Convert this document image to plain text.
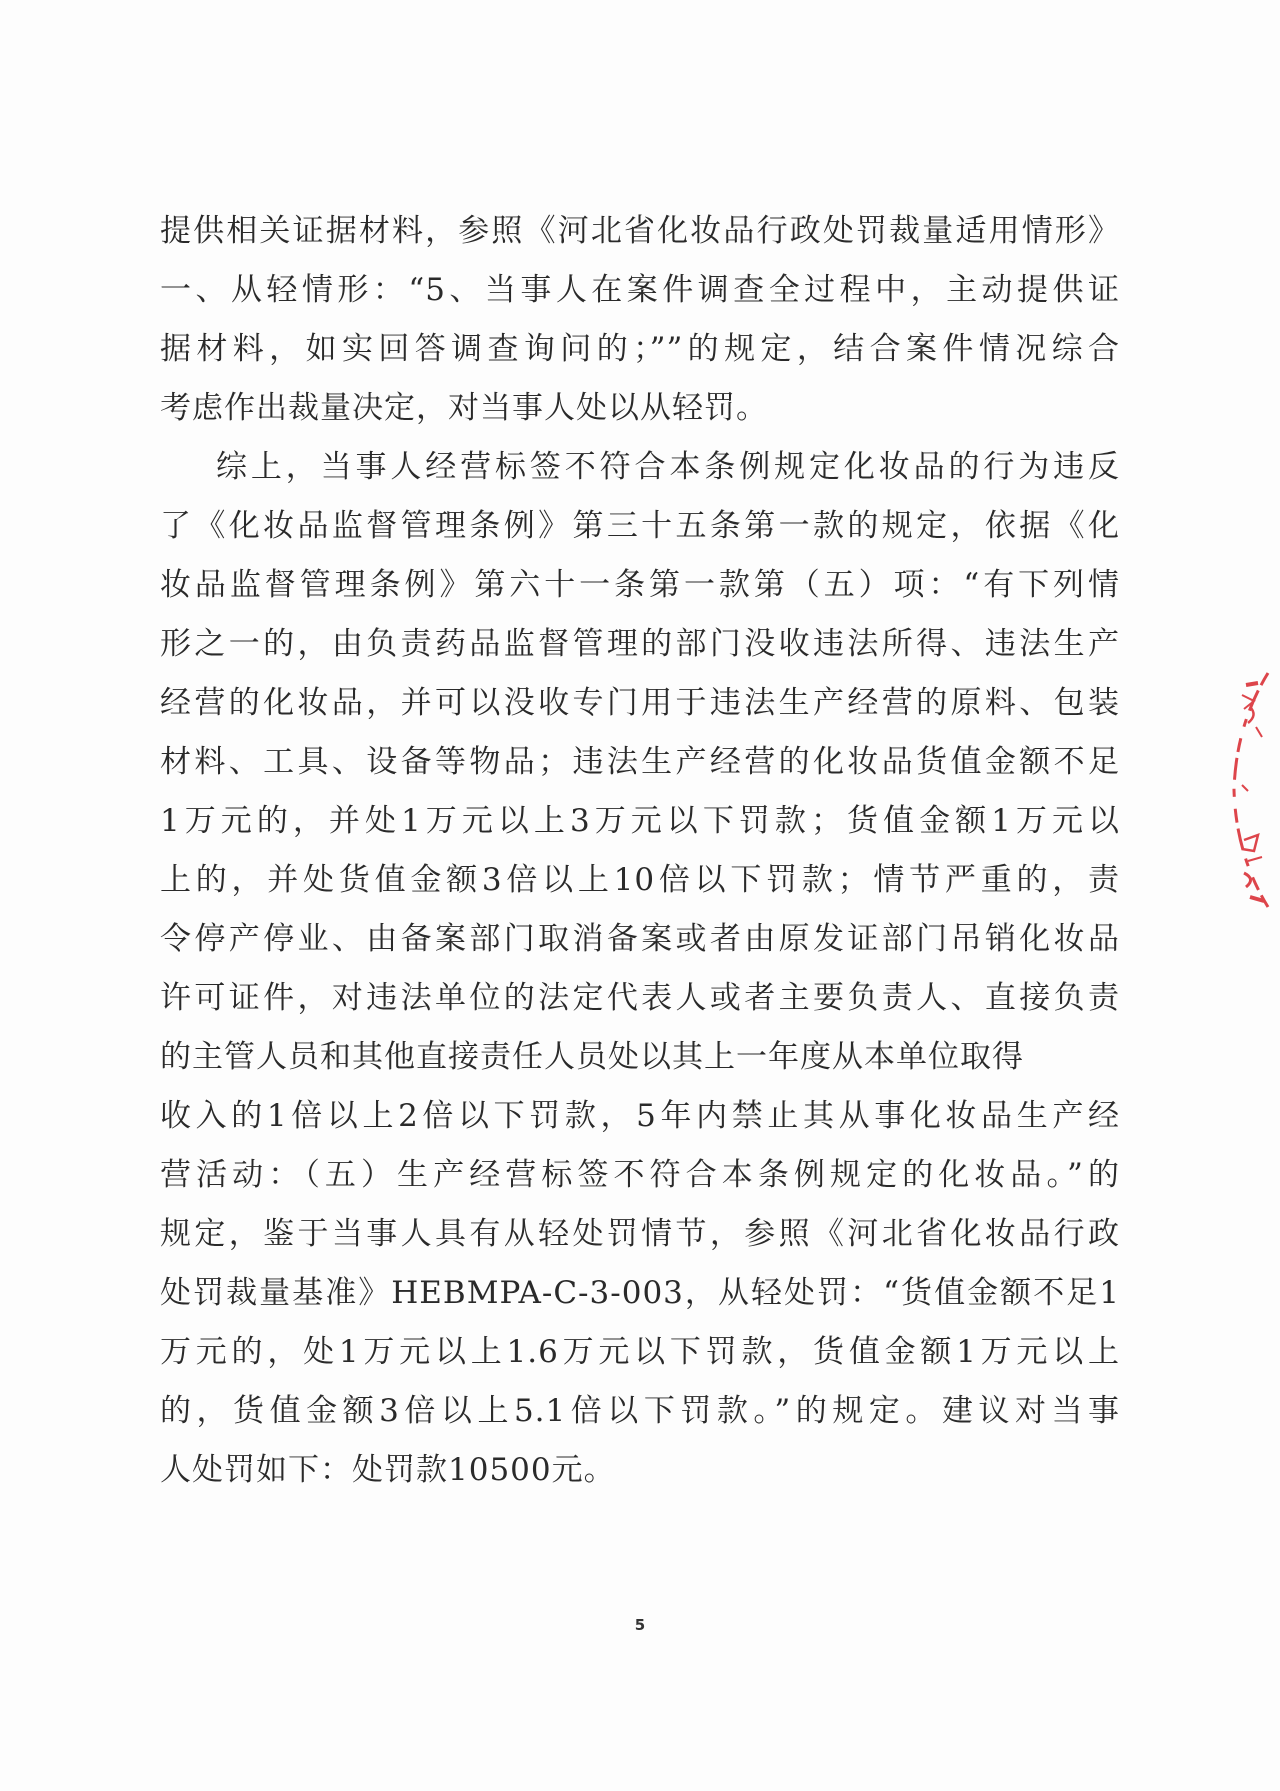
提供相关证据材料，参照《河北省化妆品行政处罚裁量适用情形》
一、从轻情形：“5、当事人在案件调查全过程中，主动提供证
据材料，如实回答调查询问的；””的规定，结合案件情况综合
考虑作出裁量决定，对当事人处以从轻罚。
综上，当事人经营标签不符合本条例规定化妆品的行为违反
了《化妆品监督管理条例》第三十五条第一款的规定，依据《化
妆品监督管理条例》第六十一条第一款第（五）项：“有下列情
形之一的，由负责药品监督管理的部门没收违法所得、违法生产
经营的化妆品，并可以没收专门用于违法生产经营的原料、包装
材料、工具、设备等物品；违法生产经营的化妆品货值金额不足
1万元的，并处1万元以上3万元以下罚款；货值金额1万元以
上的，并处货值金额3倍以上10倍以下罚款；情节严重的，责
令停产停业、由备案部门取消备案或者由原发证部门吊销化妆品
许可证件，对违法单位的法定代表人或者主要负责人、直接负责
的主管人员和其他直接责任人员处以其上一年度从本单位取得
收入的1倍以上2倍以下罚款，5年内禁止其从事化妆品生产经
营活动：（五）生产经营标签不符合本条例规定的化妆品。”的
规定，鉴于当事人具有从轻处罚情节，参照《河北省化妆品行政
处罚裁量基准》HEBMPA-C-3-003，从轻处罚：“货值金额不足1
万元的，处1万元以上1.6万元以下罚款，货值金额1万元以上
的，货值金额3倍以上5.1倍以下罚款。”的规定。建议对当事
人处罚如下：处罚款10500元。
5
